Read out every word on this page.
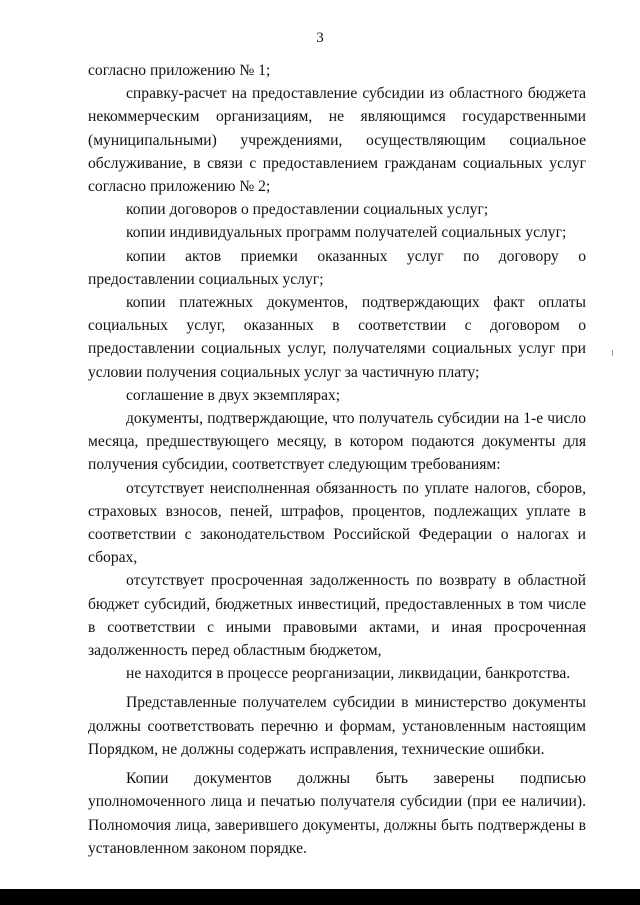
3

согласно приложению № 1;

справку-расчет на предоставление субсидии из областного бюджета некоммерческим организациям, не являющимся государственными (муниципальными) учреждениями, осуществляющим социальное обслуживание, в связи с предоставлением гражданам социальных услуг согласно приложению № 2;

копии договоров о предоставлении социальных услуг;

копии индивидуальных программ получателей социальных услуг;

копии актов приемки оказанных услуг по договору о предоставлении социальных услуг;

копии платежных документов, подтверждающих факт оплаты социальных услуг, оказанных в соответствии с договором о предоставлении социальных услуг, получателями социальных услуг при условии получения социальных услуг за частичную плату;

соглашение в двух экземплярах;

документы, подтверждающие, что получатель субсидии на 1-е число месяца, предшествующего месяцу, в котором подаются документы для получения субсидии, соответствует следующим требованиям:

отсутствует неисполненная обязанность по уплате налогов, сборов, страховых взносов, пеней, штрафов, процентов, подлежащих уплате в соответствии с законодательством Российской Федерации о налогах и сборах,

отсутствует просроченная задолженность по возврату в областной бюджет субсидий, бюджетных инвестиций, предоставленных в том числе в соответствии с иными правовыми актами, и иная просроченная задолженность перед областным бюджетом,

не находится в процессе реорганизации, ликвидации, банкротства.

Представленные получателем субсидии в министерство документы должны соответствовать перечню и формам, установленным настоящим Порядком, не должны содержать исправления, технические ошибки.

Копии документов должны быть заверены подписью уполномоченного лица и печатью получателя субсидии (при ее наличии). Полномочия лица, заверившего документы, должны быть подтверждены в установленном законом порядке.
